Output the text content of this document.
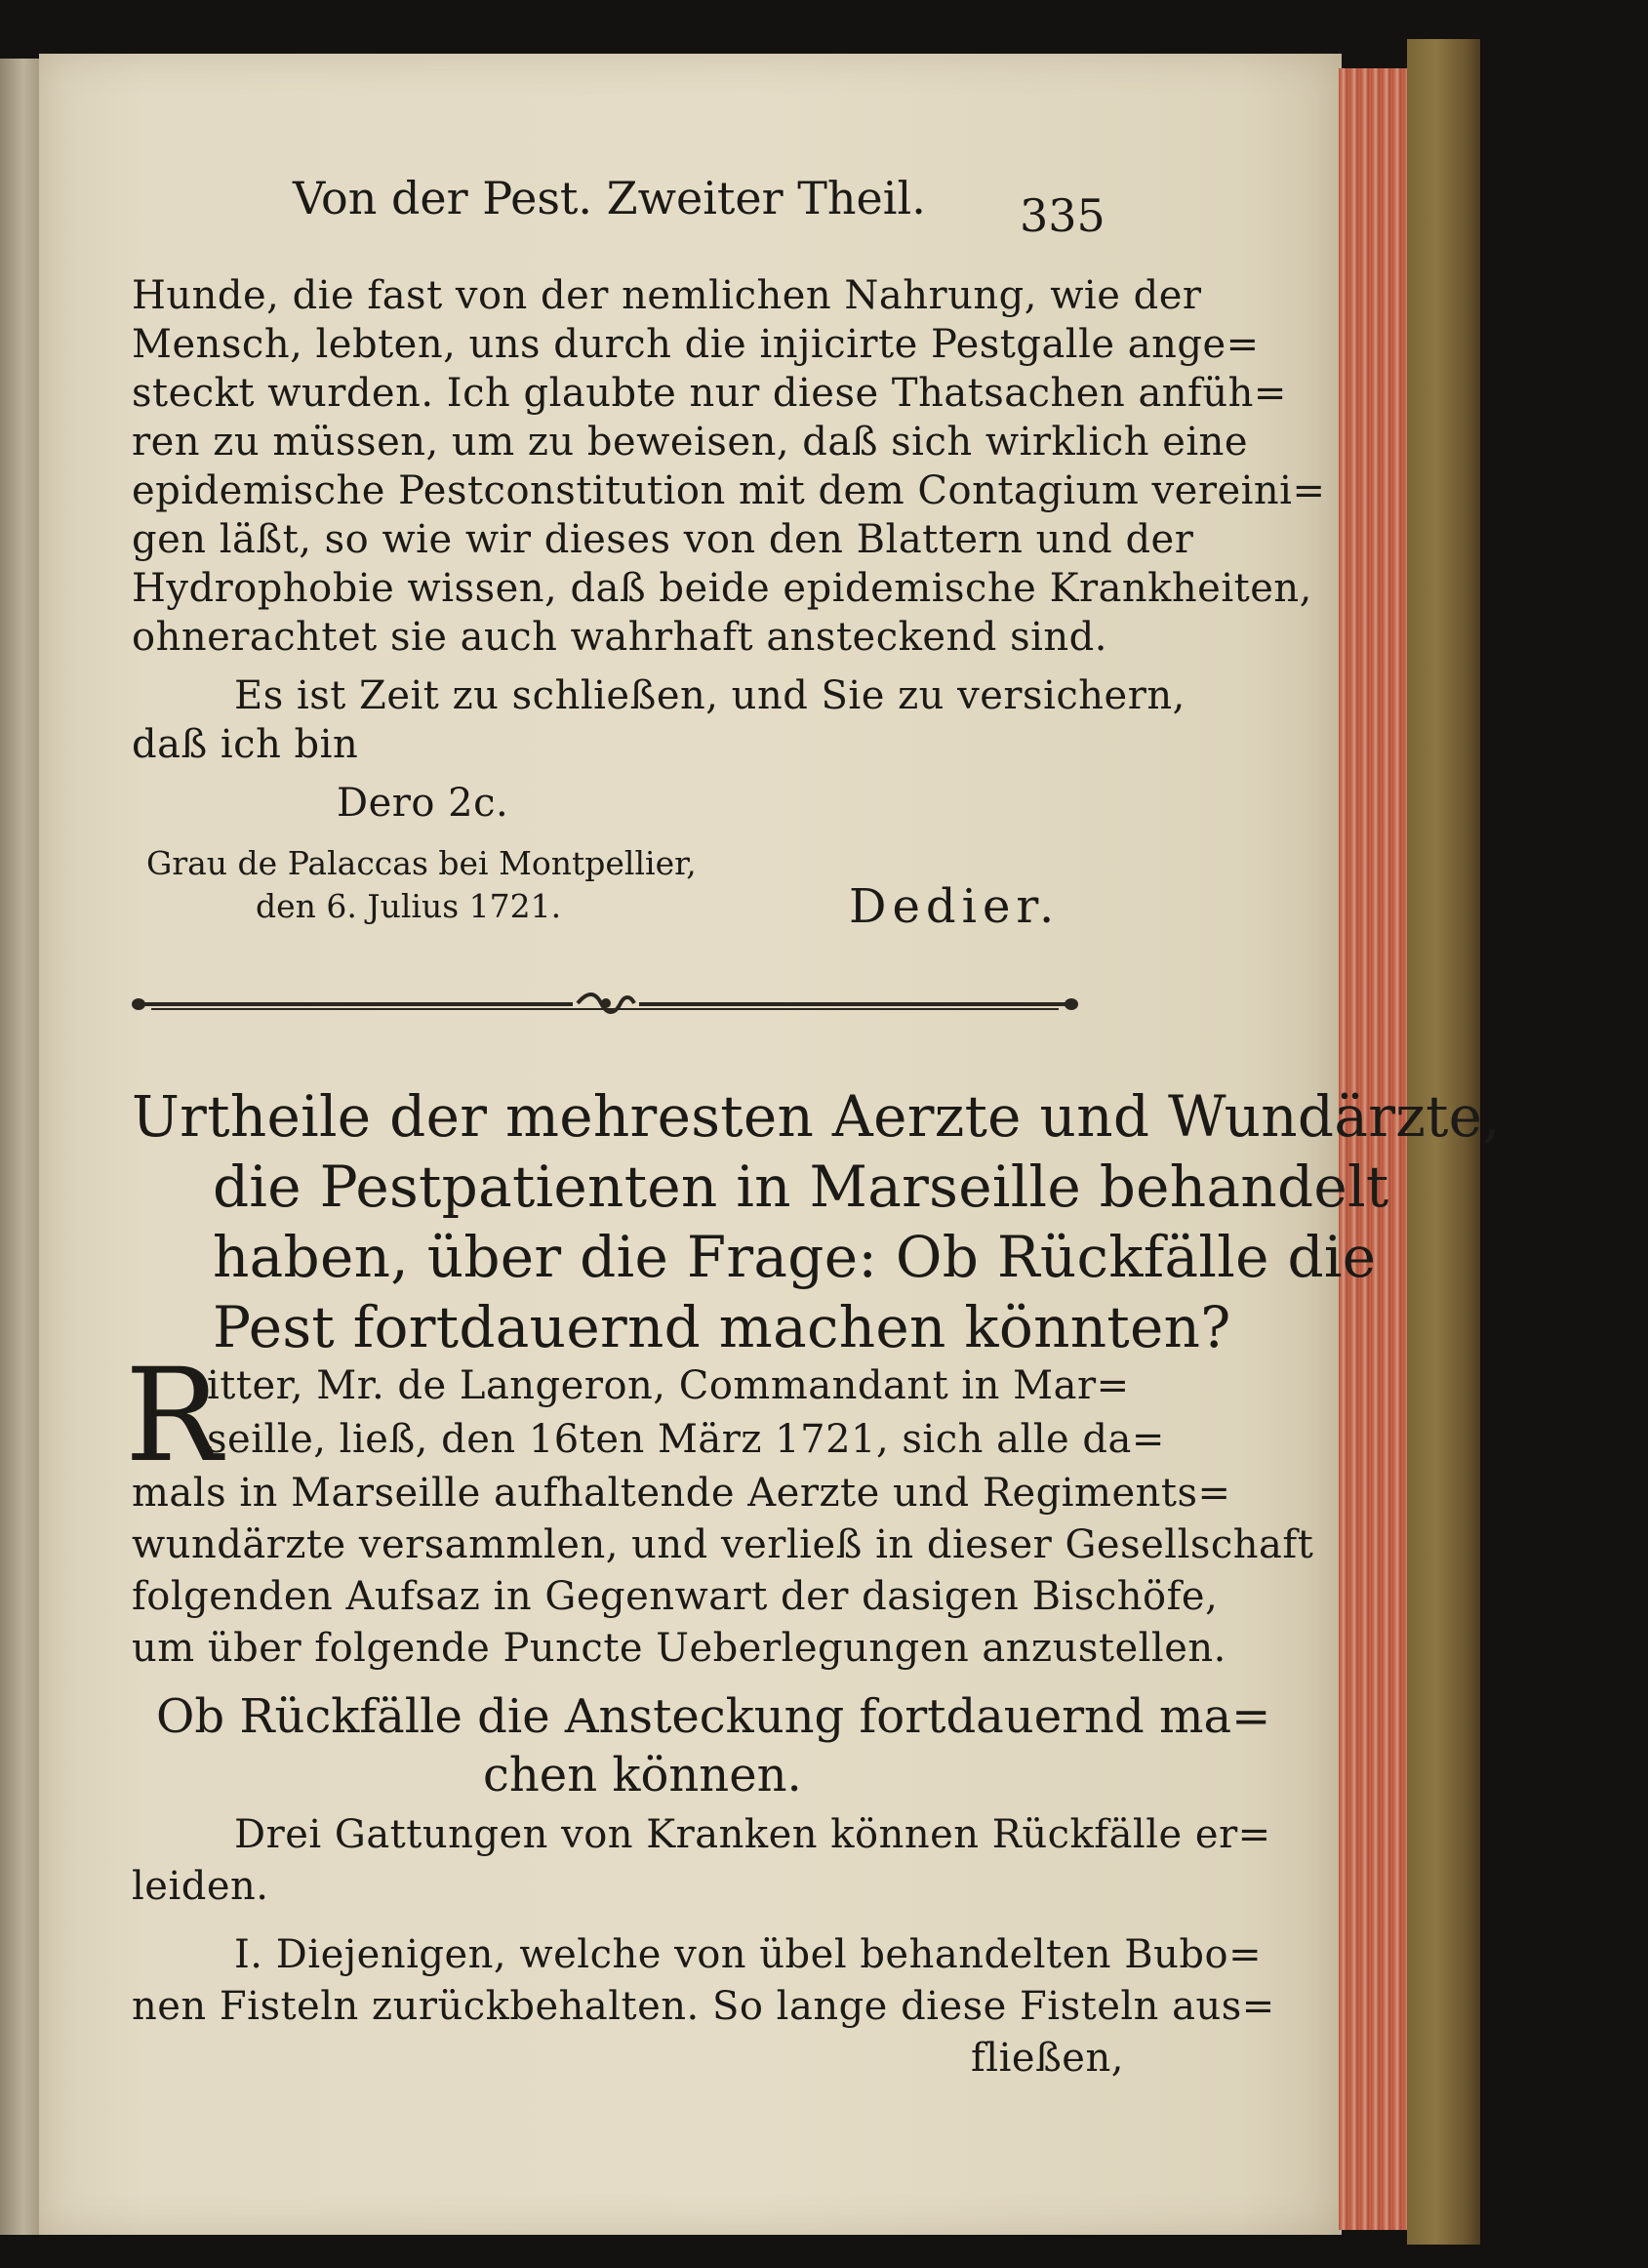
Von der Pest. Zweiter Theil. 335
Hunde, die fast von der nemlichen Nahrung, wie der
Mensch, lebten, uns durch die injicirte Pestgalle ange=
steckt wurden. Ich glaubte nur diese Thatsachen anfüh=
ren zu müssen, um zu beweisen, daß sich wirklich eine
epidemische Pestconstitution mit dem Contagium vereini=
gen läßt, so wie wir dieses von den Blattern und der
Hydrophobie wissen, daß beide epidemische Krankheiten,
ohnerachtet sie auch wahrhaft ansteckend sind.
Es ist Zeit zu schließen, und Sie zu versichern,
daß ich bin
Dero 2c.
Grau de Palaccas bei Montpellier,
den 6. Julius 1721.	Dedier.
Urtheile der mehresten Aerzte und Wundärzte,
die Pestpatienten in Marseille behandelt
haben, über die Frage: Ob Rückfälle die
Pest fortdauernd machen könnten?
R
itter, Mr. de Langeron, Commandant in Mar=
seille, ließ, den 16ten März 1721, sich alle da=
mals in Marseille aufhaltende Aerzte und Regiments=
wundärzte versammlen, und verließ in dieser Gesellschaft
folgenden Aufsaz in Gegenwart der dasigen Bischöfe,
um über folgende Puncte Ueberlegungen anzustellen.
Ob Rückfälle die Ansteckung fortdauernd ma=
chen können.
Drei Gattungen von Kranken können Rückfälle er=
leiden.
I. Diejenigen, welche von übel behandelten Bubo=
nen Fisteln zurückbehalten. So lange diese Fisteln aus=
fließen,
